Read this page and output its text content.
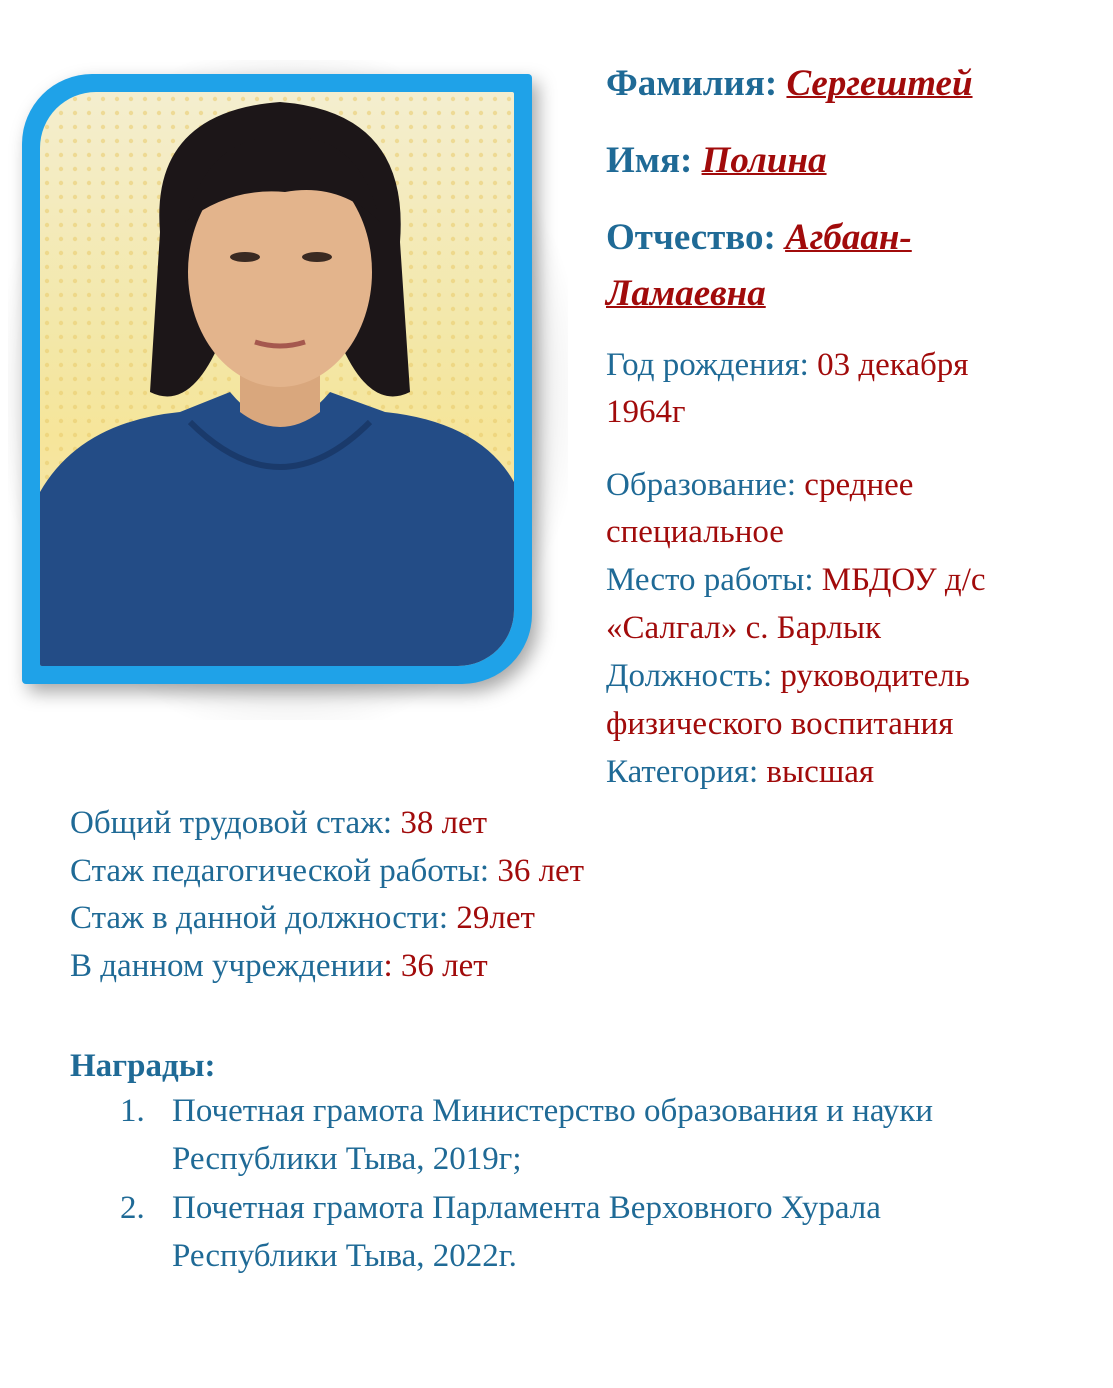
Фамилия: Сергештей
Имя: Полина
Отчество: Агбаан-
Ламаевна

Год рождения: 03 декабря

1964г

Образование: среднее

специальное

Место работы: МБДОУ д/с

«Салгал» с. Барлык

Должность: руководитель

физического воспитания

Категория: высшая

Общий трудовой стаж: 38 лет
Стаж педагогической работы: 36 лет
Стаж в данной должности: 29лет
В данном учреждении: 36 лет
Награды:
1. Почетная грамота Министерство образования и науки
Республики Тыва, 2019г;
2. Почетная грамота Парламента Верховного Хурала
Республики Тыва, 2022г.
